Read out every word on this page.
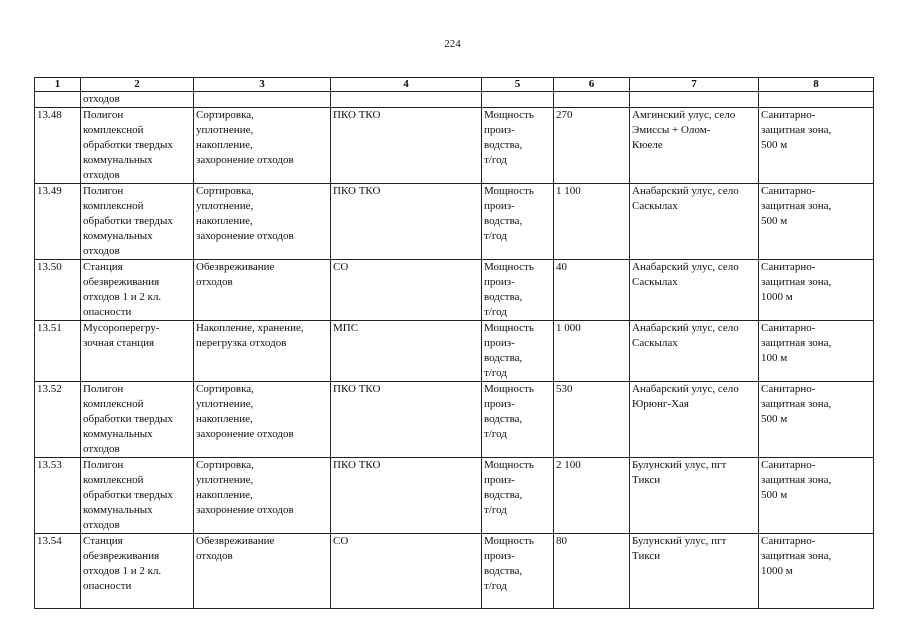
224
1	2	3	4	5	6	7	8
	отходов						
13.48	Полигон
комплексной
обработки твердых
коммунальных
отходов	Сортировка,
уплотнение,
накопление,
захоронение отходов	ПКО ТКО	Мощность
произ-
водства,
т/год	270	Амгинский улус, село
Эмиссы + Олом-
Кюеле	Санитарно-
защитная зона,
500 м
13.49	Полигон
комплексной
обработки твердых
коммунальных
отходов	Сортировка,
уплотнение,
накопление,
захоронение отходов	ПКО ТКО	Мощность
произ-
водства,
т/год	1 100	Анабарский улус, село
Саскылах	Санитарно-
защитная зона,
500 м
13.50	Станция
обезвреживания
отходов 1 и 2 кл.
опасности	Обезвреживание
отходов	СО	Мощность
произ-
водства,
т/год	40	Анабарский улус, село
Саскылах	Санитарно-
защитная зона,
1000 м
13.51	Мусороперегру-
зочная станция	Накопление, хранение,
перегрузка отходов	МПС	Мощность
произ-
водства,
т/год	1 000	Анабарский улус, село
Саскылах	Санитарно-
защитная зона,
100 м
13.52	Полигон
комплексной
обработки твердых
коммунальных
отходов	Сортировка,
уплотнение,
накопление,
захоронение отходов	ПКО ТКО	Мощность
произ-
водства,
т/год	530	Анабарский улус, село
Юрюнг-Хая	Санитарно-
защитная зона,
500 м
13.53	Полигон
комплексной
обработки твердых
коммунальных
отходов	Сортировка,
уплотнение,
накопление,
захоронение отходов	ПКО ТКО	Мощность
произ-
водства,
т/год	2 100	Булунский улус, пгт
Тикси	Санитарно-
защитная зона,
500 м
13.54	Станция
обезвреживания
отходов 1 и 2 кл.
опасности	Обезвреживание
отходов	СО	Мощность
произ-
водства,
т/год	80	Булунский улус, пгт
Тикси	Санитарно-
защитная зона,
1000 м
